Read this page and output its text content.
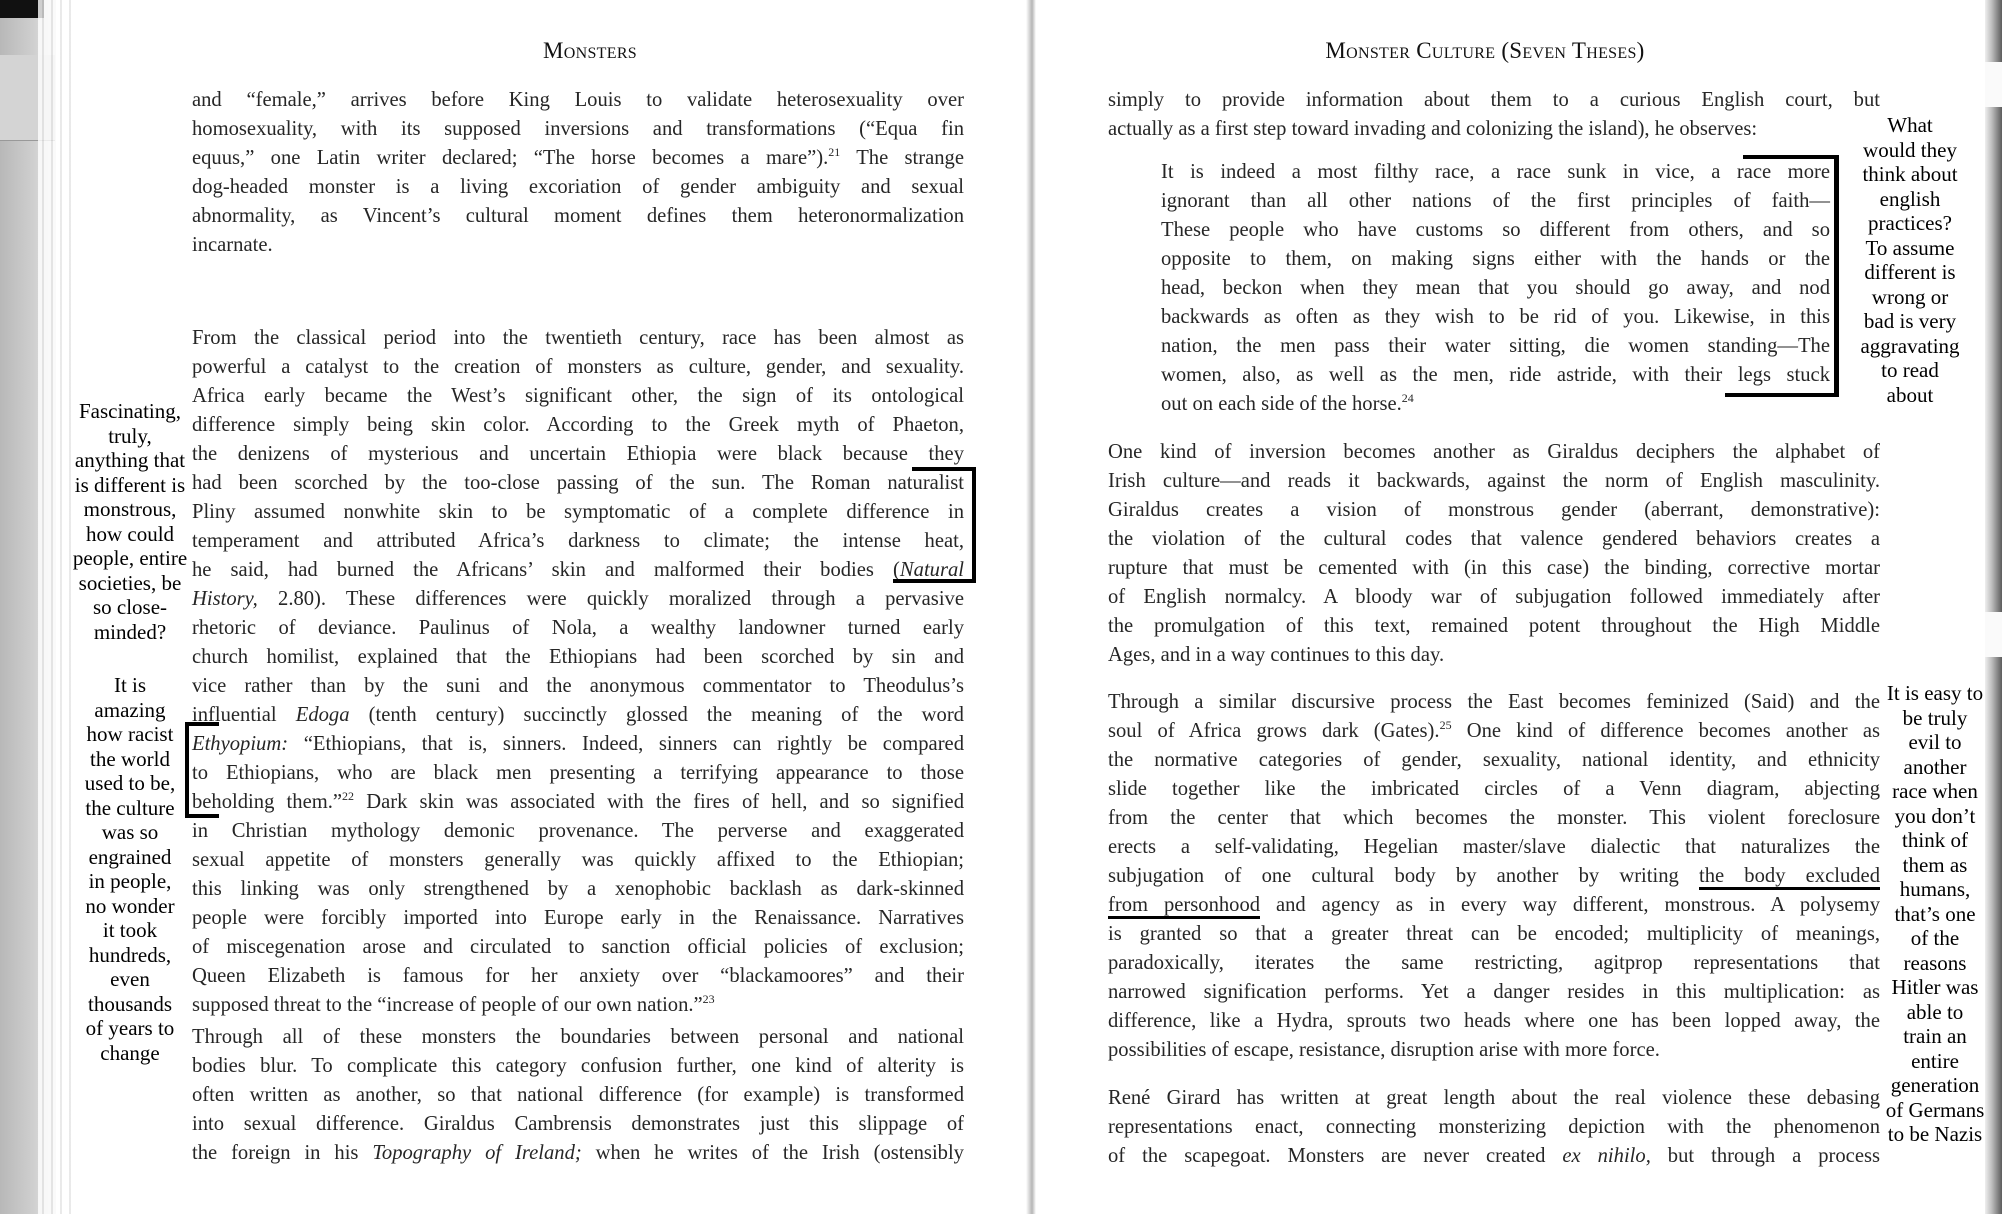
Monsters
and “female,” arrives before King Louis to validate heterosexuality over
homosexuality, with its supposed inversions and transformations (“Equa fin
equus,” one Latin writer declared; “The horse becomes a mare”).$^{21}$ The strange
dog-headed monster is a living excoriation of gender ambiguity and sexual
abnormality, as Vincent’s cultural moment defines them heteronormalization
incarnate.
From the classical period into the twentieth century, race has been almost as
powerful a catalyst to the creation of monsters as culture, gender, and sexuality.
Africa early became the West’s significant other, the sign of its ontological
difference simply being skin color. According to the Greek myth of Phaeton,
the denizens of mysterious and uncertain Ethiopia were black because they
had been scorched by the too-close passing of the sun. The Roman naturalist
Pliny assumed nonwhite skin to be symptomatic of a complete difference in
temperament and attributed Africa’s darkness to climate; the intense heat,
he said, had burned the Africans’ skin and malformed their bodies (Natural
History, 2.80). These differences were quickly moralized through a pervasive
rhetoric of deviance. Paulinus of Nola, a wealthy landowner turned early
church homilist, explained that the Ethiopians had been scorched by sin and
vice rather than by the suni and the anonymous commentator to Theodulus’s
influential Edoga (tenth century) succinctly glossed the meaning of the word
Ethyopium: “Ethiopians, that is, sinners. Indeed, sinners can rightly be compared
to Ethiopians, who are black men presenting a terrifying appearance to those
beholding them.”$^{22}$ Dark skin was associated with the fires of hell, and so signified
in Christian mythology demonic provenance. The perverse and exaggerated
sexual appetite of monsters generally was quickly affixed to the Ethiopian;
this linking was only strengthened by a xenophobic backlash as dark-skinned
people were forcibly imported into Europe early in the Renaissance. Narratives
of miscegenation arose and circulated to sanction official policies of exclusion;
Queen Elizabeth is famous for her anxiety over “blackamoores” and their
supposed threat to the “increase of people of our own nation.”$^{23}$
Through all of these monsters the boundaries between personal and national
bodies blur. To complicate this category confusion further, one kind of alterity is
often written as another, so that national difference (for example) is transformed
into sexual difference. Giraldus Cambrensis demonstrates just this slippage of
the foreign in his Topography of Ireland; when he writes of the Irish (ostensibly
Fascinating,
truly,
anything that
is different is
monstrous,
how could
people, entire
societies, be
so close-
minded?
It is
amazing
how racist
the world
used to be,
the culture
was so
engrained
in people,
no wonder
it took
hundreds,
even
thousands
of years to
change
Monster Culture (Seven Theses)
simply to provide information about them to a curious English court, but
actually as a first step toward invading and colonizing the island), he observes:
It is indeed a most filthy race, a race sunk in vice, a race more
ignorant than all other nations of the first principles of faith—
These people who have customs so different from others, and so
opposite to them, on making signs either with the hands or the
head, beckon when they mean that you should go away, and nod
backwards as often as they wish to be rid of you. Likewise, in this
nation, the men pass their water sitting, die women standing—The
women, also, as well as the men, ride astride, with their legs stuck
out on each side of the horse.$^{24}$
One kind of inversion becomes another as Giraldus deciphers the alphabet of
Irish culture—and reads it backwards, against the norm of English masculinity.
Giraldus creates a vision of monstrous gender (aberrant, demonstrative):
the violation of the cultural codes that valence gendered behaviors creates a
rupture that must be cemented with (in this case) the binding, corrective mortar
of English normalcy. A bloody war of subjugation followed immediately after
the promulgation of this text, remained potent throughout the High Middle
Ages, and in a way continues to this day.
Through a similar discursive process the East becomes feminized (Said) and the
soul of Africa grows dark (Gates).$^{25}$ One kind of difference becomes another as
the normative categories of gender, sexuality, national identity, and ethnicity
slide together like the imbricated circles of a Venn diagram, abjecting
from the center that which becomes the monster. This violent foreclosure
erects a self-validating, Hegelian master/slave dialectic that naturalizes the
subjugation of one cultural body by another by writing the body excluded
from personhood and agency as in every way different, monstrous. A polysemy
is granted so that a greater threat can be encoded; multiplicity of meanings,
paradoxically, iterates the same restricting, agitprop representations that
narrowed signification performs. Yet a danger resides in this multiplication: as
difference, like a Hydra, sprouts two heads where one has been lopped away, the
possibilities of escape, resistance, disruption arise with more force.
René Girard has written at great length about the real violence these debasing
representations enact, connecting monsterizing depiction with the phenomenon
of the scapegoat. Monsters are never created ex nihilo, but through a process
What
would they
think about
english
practices?
To assume
different is
wrong or
bad is very
aggravating
to read
about
It is easy to
be truly
evil to
another
race when
you don’t
think of
them as
humans,
that’s one
of the
reasons
Hitler was
able to
train an
entire
generation
of Germans
to be Nazis
